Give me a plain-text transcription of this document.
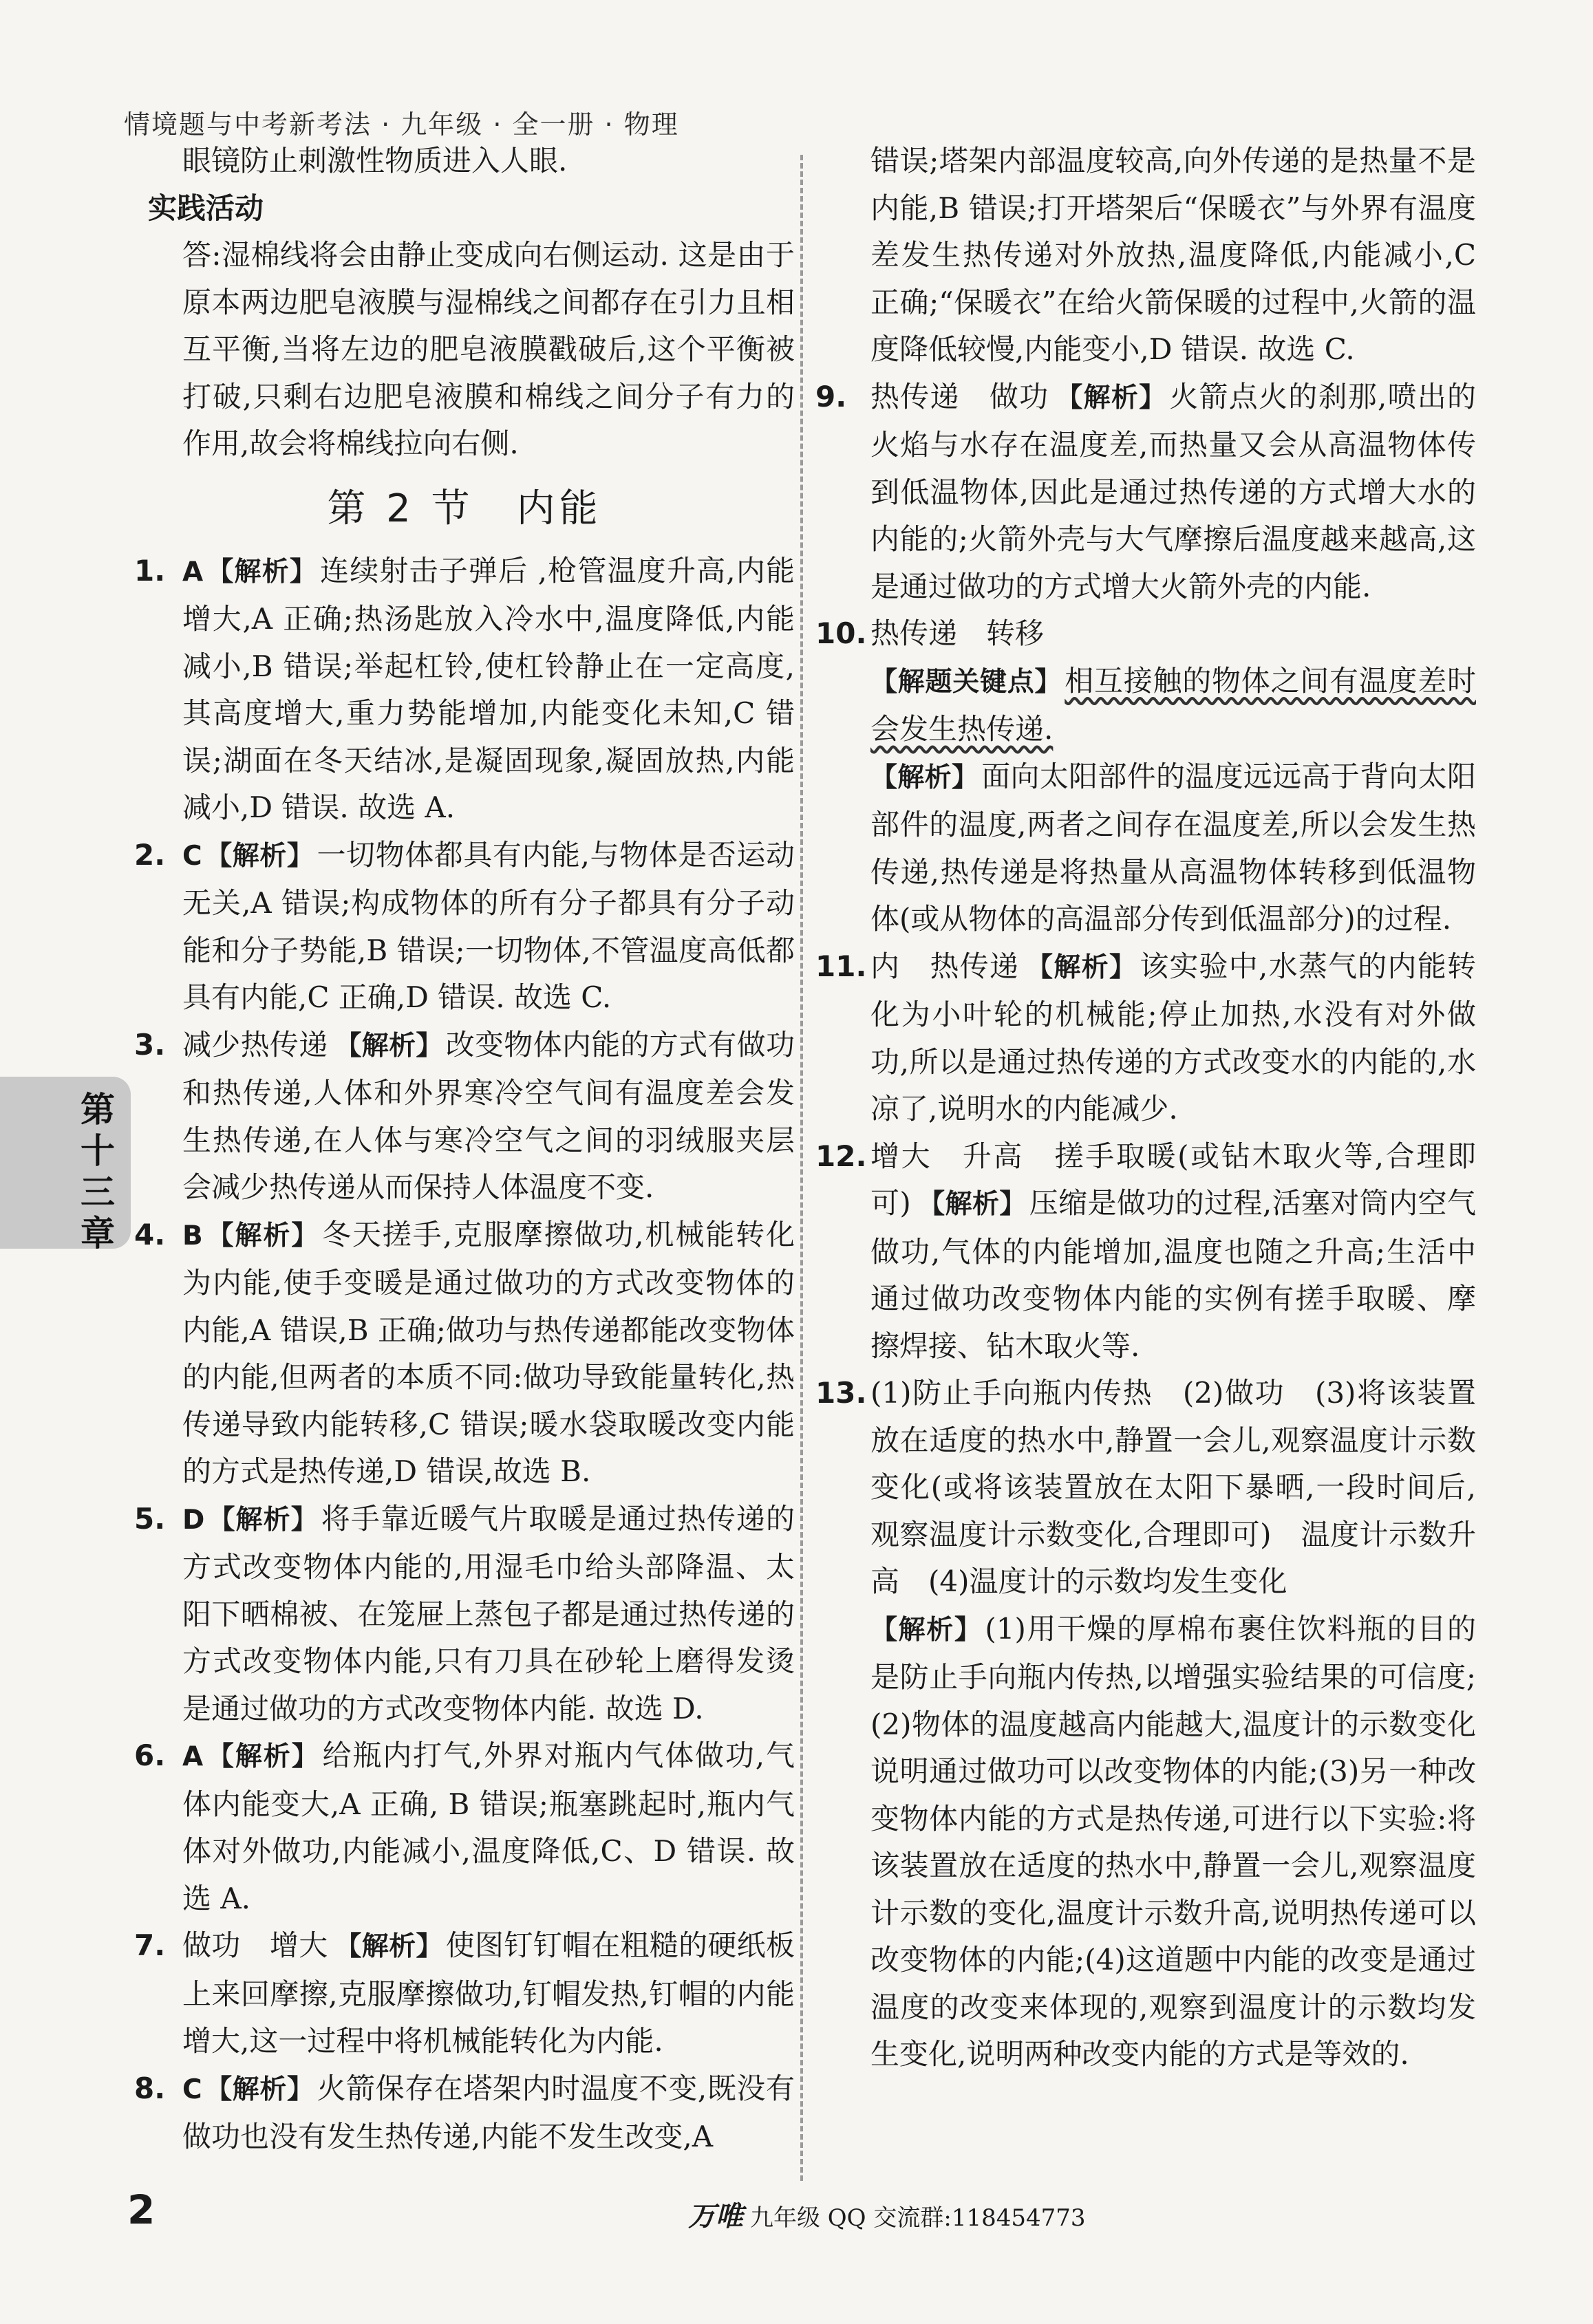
情境题与中考新考法 · 九年级 · 全一册 · 物理
第十三章

眼镜防止刺激性物质进入人眼.

实践活动

答:湿棉线将会由静止变成向右侧运动. 这是由于原本两边肥皂液膜与湿棉线之间都存在引力且相互平衡,当将左边的肥皂液膜戳破后,这个平衡被打破,只剩右边肥皂液膜和棉线之间分子有力的作用,故会将棉线拉向右侧.

第 2 节　内能
1. A 【解析】连续射击子弹后 ,枪管温度升高,内能增大,A 正确;热汤匙放入冷水中,温度降低,内能减小,B 错误;举起杠铃,使杠铃静止在一定高度,其高度增大,重力势能增加,内能变化未知,C 错误;湖面在冬天结冰,是凝固现象,凝固放热,内能减小,D 错误. 故选 A.
2. C 【解析】一切物体都具有内能,与物体是否运动无关,A 错误;构成物体的所有分子都具有分子动能和分子势能,B 错误;一切物体,不管温度高低都具有内能,C 正确,D 错误. 故选 C.
3. 减少热传递 【解析】改变物体内能的方式有做功和热传递,人体和外界寒冷空气间有温度差会发生热传递,在人体与寒冷空气之间的羽绒服夹层会减少热传递从而保持人体温度不变.
4. B 【解析】冬天搓手,克服摩擦做功,机械能转化为内能,使手变暖是通过做功的方式改变物体的内能,A 错误,B 正确;做功与热传递都能改变物体的内能,但两者的本质不同:做功导致能量转化,热传递导致内能转移,C 错误;暖水袋取暖改变内能的方式是热传递,D 错误,故选 B.
5. D 【解析】将手靠近暖气片取暖是通过热传递的方式改变物体内能的,用湿毛巾给头部降温、太阳下晒棉被、在笼屉上蒸包子都是通过热传递的方式改变物体内能,只有刀具在砂轮上磨得发烫是通过做功的方式改变物体内能. 故选 D.
6. A 【解析】给瓶内打气,外界对瓶内气体做功,气体内能变大,A 正确, B 错误;瓶塞跳起时,瓶内气体对外做功,内能减小,温度降低,C、D 错误. 故选 A.
7. 做功　增大 【解析】使图钉钉帽在粗糙的硬纸板上来回摩擦,克服摩擦做功,钉帽发热,钉帽的内能增大,这一过程中将机械能转化为内能.
8. C 【解析】火箭保存在塔架内时温度不变,既没有做功也没有发生热传递,内能不发生改变,A

错误;塔架内部温度较高,向外传递的是热量不是内能,B 错误;打开塔架后“保暖衣”与外界有温度差发生热传递对外放热,温度降低,内能减小,C 正确;“保暖衣”在给火箭保暖的过程中,火箭的温度降低较慢,内能变小,D 错误. 故选 C.

9. 热传递　做功 【解析】火箭点火的刹那,喷出的火焰与水存在温度差,而热量又会从高温物体传到低温物体,因此是通过热传递的方式增大水的内能的;火箭外壳与大气摩擦后温度越来越高,这是通过做功的方式增大火箭外壳的内能.
10. 热传递　转移
【解题关键点】相互接触的物体之间有温度差时会发生热传递.
【解析】面向太阳部件的温度远远高于背向太阳部件的温度,两者之间存在温度差,所以会发生热传递,热传递是将热量从高温物体转移到低温物体(或从物体的高温部分传到低温部分)的过程.
11. 内　热传递 【解析】该实验中,水蒸气的内能转化为小叶轮的机械能;停止加热,水没有对外做功,所以是通过热传递的方式改变水的内能的,水凉了,说明水的内能减少.
12. 增大　升高　搓手取暖(或钻木取火等,合理即可) 【解析】压缩是做功的过程,活塞对筒内空气做功,气体的内能增加,温度也随之升高;生活中通过做功改变物体内能的实例有搓手取暖、摩擦焊接、钻木取火等.
13. (1)防止手向瓶内传热　(2)做功　(3)将该装置放在适度的热水中,静置一会儿,观察温度计示数变化(或将该装置放在太阳下暴晒,一段时间后,观察温度计示数变化,合理即可)　温度计示数升高　(4)温度计的示数均发生变化
【解析】(1)用干燥的厚棉布裹住饮料瓶的目的是防止手向瓶内传热,以增强实验结果的可信度;(2)物体的温度越高内能越大,温度计的示数变化说明通过做功可以改变物体的内能;(3)另一种改变物体内能的方式是热传递,可进行以下实验:将该装置放在适度的热水中,静置一会儿,观察温度计示数的变化,温度计示数升高,说明热传递可以改变物体的内能;(4)这道题中内能的改变是通过温度的改变来体现的,观察到温度计的示数均发生变化,说明两种改变内能的方式是等效的.
2	万唯 九年级 QQ 交流群:118454773
